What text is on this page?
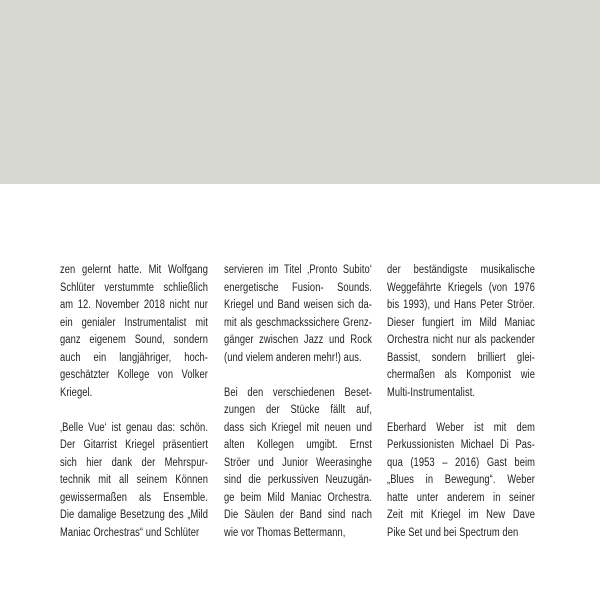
zen gelernt hatte. Mit Wolfgang
Schlüter verstummte schließlich
am 12. November 2018 nicht nur
ein genialer Instrumentalist mit
ganz eigenem Sound, sondern
auch ein langjähriger, hoch-
geschätzter Kollege von Volker
Kriegel.
‚Belle Vue‘ ist genau das: schön.
Der Gitarrist Kriegel präsentiert
sich hier dank der Mehrspur-
technik mit all seinem Können
gewissermaßen als Ensemble.
Die damalige Besetzung des „Mild
Maniac Orchestras“ und Schlüter
servieren im Titel ‚Pronto Subito‘
energetische Fusion- Sounds.
Kriegel und Band weisen sich da-
mit als geschmackssichere Grenz-
gänger zwischen Jazz und Rock
(und vielem anderen mehr!) aus.
Bei den verschiedenen Beset-
zungen der Stücke fällt auf,
dass sich Kriegel mit neuen und
alten Kollegen umgibt. Ernst
Ströer und Junior Weerasinghe
sind die perkussiven Neuzugän-
ge beim Mild Maniac Orchestra.
Die Säulen der Band sind nach
wie vor Thomas Bettermann,
der beständigste musikalische
Weggefährte Kriegels (von 1976
bis 1993), und Hans Peter Ströer.
Dieser fungiert im Mild Maniac
Orchestra nicht nur als packender
Bassist, sondern brilliert glei-
chermaßen als Komponist wie
Multi-Instrumentalist.
Eberhard Weber ist mit dem
Perkussionisten Michael Di Pas-
qua (1953 – 2016) Gast beim
„Blues in Bewegung“. Weber
hatte unter anderem in seiner
Zeit mit Kriegel im New Dave
Pike Set und bei Spectrum den
